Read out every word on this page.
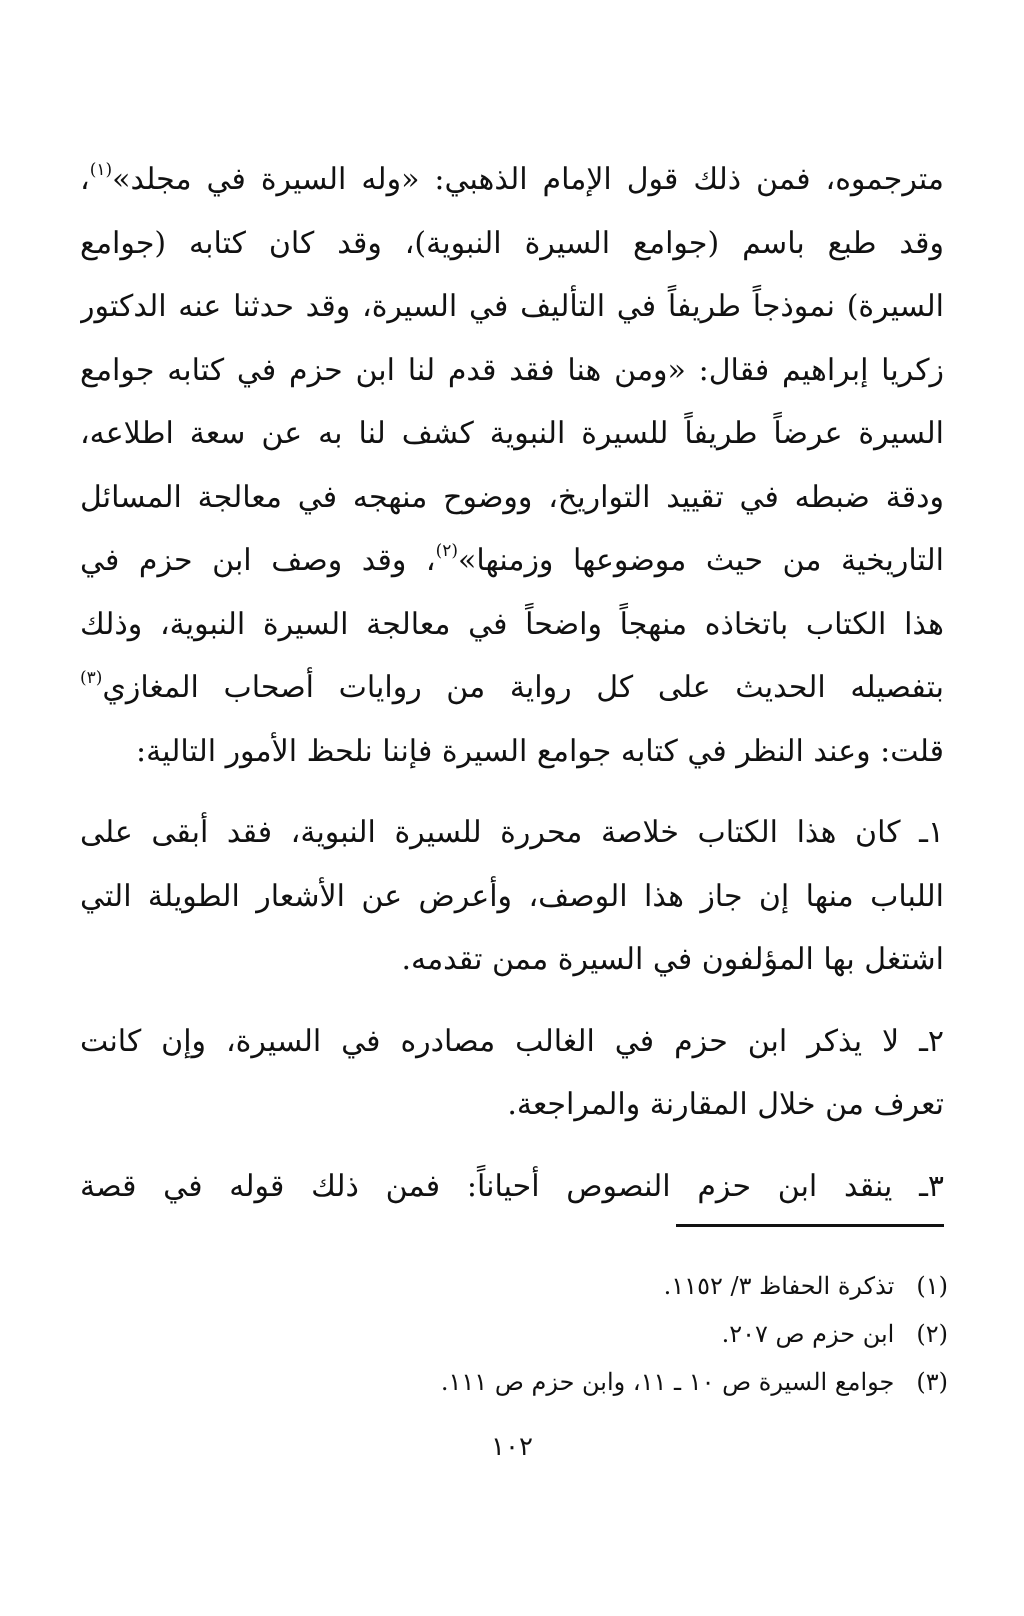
مترجموه، فمن ذلك قول الإمام الذهبي: «وله السيرة في مجلد»$^{(١)}$،
وقد طبع باسم (جوامع السيرة النبوية)، وقد كان كتابه (جوامع
السيرة) نموذجاً طريفاً في التأليف في السيرة، وقد حدثنا عنه الدكتور
زكريا إبراهيم فقال: «ومن هنا فقد قدم لنا ابن حزم في كتابه جوامع
السيرة عرضاً طريفاً للسيرة النبوية كشف لنا به عن سعة اطلاعه،
ودقة ضبطه في تقييد التواريخ، ووضوح منهجه في معالجة المسائل
التاريخية من حيث موضوعها وزمنها»$^{(٢)}$، وقد وصف ابن حزم في
هذا الكتاب باتخاذه منهجاً واضحاً في معالجة السيرة النبوية، وذلك
بتفصيله الحديث على كل رواية من روايات أصحاب المغازي$^{(٣)}$
قلت: وعند النظر في كتابه جوامع السيرة فإننا نلحظ الأمور التالية:
١ـ كان هذا الكتاب خلاصة محررة للسيرة النبوية، فقد أبقى على
اللباب منها إن جاز هذا الوصف، وأعرض عن الأشعار الطويلة التي
اشتغل بها المؤلفون في السيرة ممن تقدمه.
٢ـ لا يذكر ابن حزم في الغالب مصادره في السيرة، وإن كانت
تعرف من خلال المقارنة والمراجعة.
٣ـ ينقد ابن حزم النصوص أحياناً: فمن ذلك قوله في قصة
(١)
تذكرة الحفاظ ٣/ ١١٥٢.
(٢)
ابن حزم ص ٢٠٧.
(٣)
جوامع السيرة ص ١٠ ـ ١١، وابن حزم ص ١١١.
١٠٢
